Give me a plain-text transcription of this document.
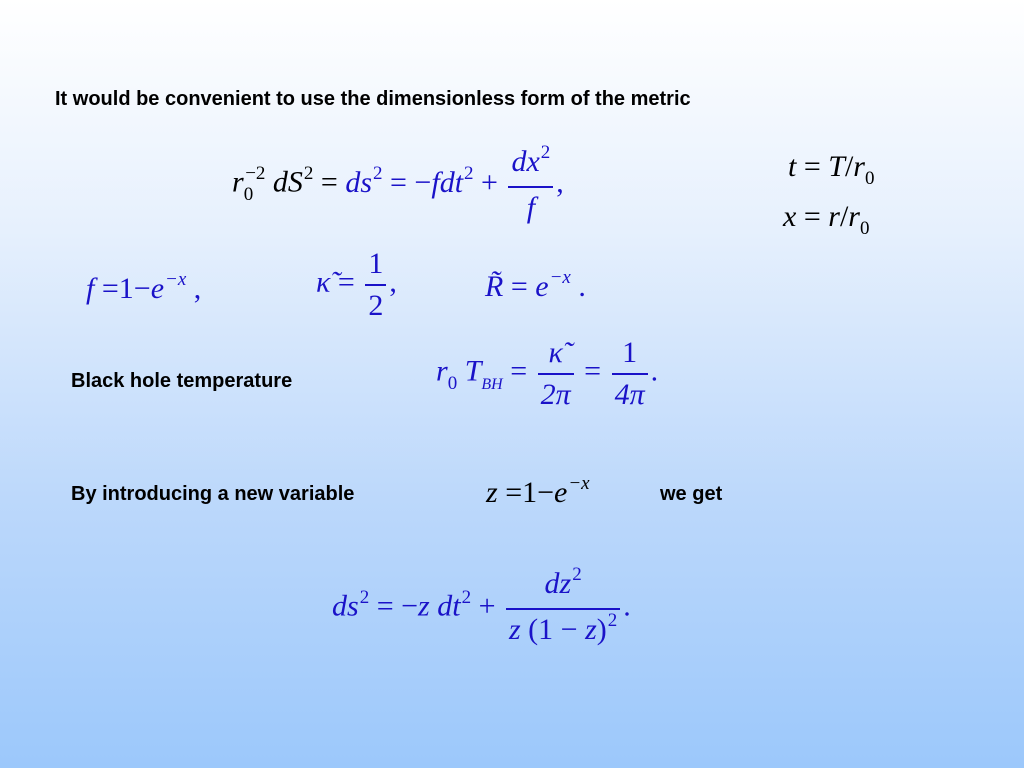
It would be convenient to use the dimensionless form of the metric
$r_0^{-2}$ $dS^2 = ds^2 = -fdt^2 + \frac{dx^2}{f}$ ,	$t = T/r_0$
$x = r/r_0$
$f =1-e^{-x}$ ,	κ̃ = $\frac{1}{2}$ ,	R̃ = $e^{-x}$ .
Black hole temperature	$r_0$ $T_{BH} = \frac{\kappã}{2\pi} = \frac{1}{4\pi}$ .
By introducing a new variable	$z =1-e^{-x}$	we get
$ds^2 = -z$ $dt^2 + \frac{dz^2}{z (1 - z)^2}$ .
